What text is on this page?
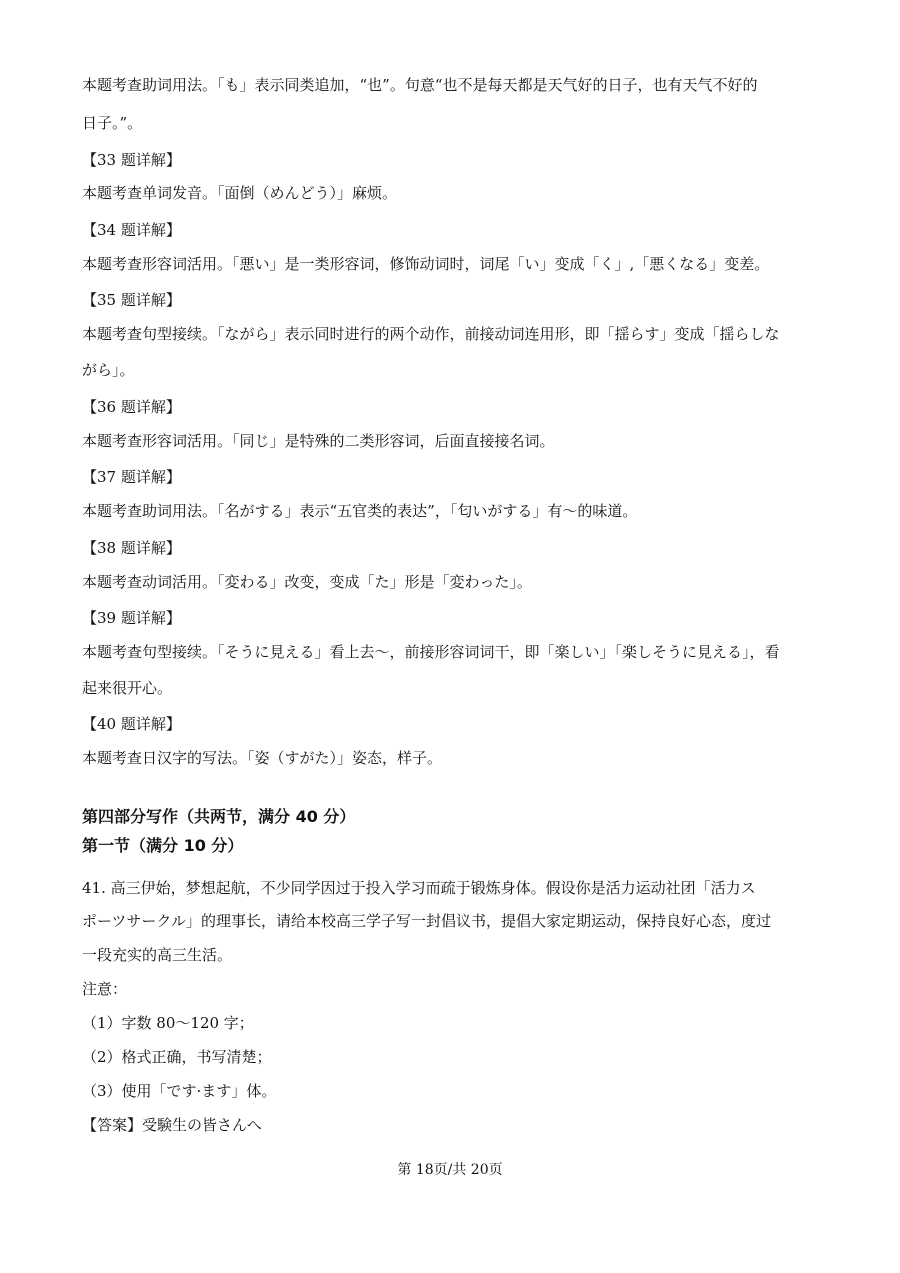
本题考查助词用法。「も」表示同类追加，“也”。句意“也不是每天都是天气好的日子，也有天气不好的
日子。”。
【33 题详解】
本题考查单词发音。「面倒（めんどう）」麻烦。
【34 题详解】
本题考查形容词活用。「悪い」是一类形容词，修饰动词时，词尾「い」变成「く」,「悪くなる」变差。
【35 题详解】
本题考查句型接续。「ながら」表示同时进行的两个动作，前接动词连用形，即「揺らす」变成「揺らしな
がら」。
【36 题详解】
本题考查形容词活用。「同じ」是特殊的二类形容词，后面直接接名词。
【37 题详解】
本题考查助词用法。「名がする」表示“五官类的表达”，「匂いがする」有～的味道。
【38 题详解】
本题考查动词活用。「変わる」改变，变成「た」形是「変わった」。
【39 题详解】
本题考查句型接续。「そうに見える」看上去～，前接形容词词干，即「楽しい」「楽しそうに見える」，看
起来很开心。
【40 题详解】
本题考查日汉字的写法。「姿（すがた）」姿态，样子。
41. 高三伊始，梦想起航，不少同学因过于投入学习而疏于锻炼身体。假设你是活力运动社团「活力ス
ポーツサークル」的理事长，请给本校高三学子写一封倡议书，提倡大家定期运动，保持良好心态，度过
一段充实的高三生活。
注意：
（1）字数 80～120 字；
（2）格式正确，书写清楚；
（3）使用「です·ます」体。
【答案】受験生の皆さんへ
第四部分写作（共两节，满分 40 分）
第一节（满分 10 分）
第 18页/共 20页
